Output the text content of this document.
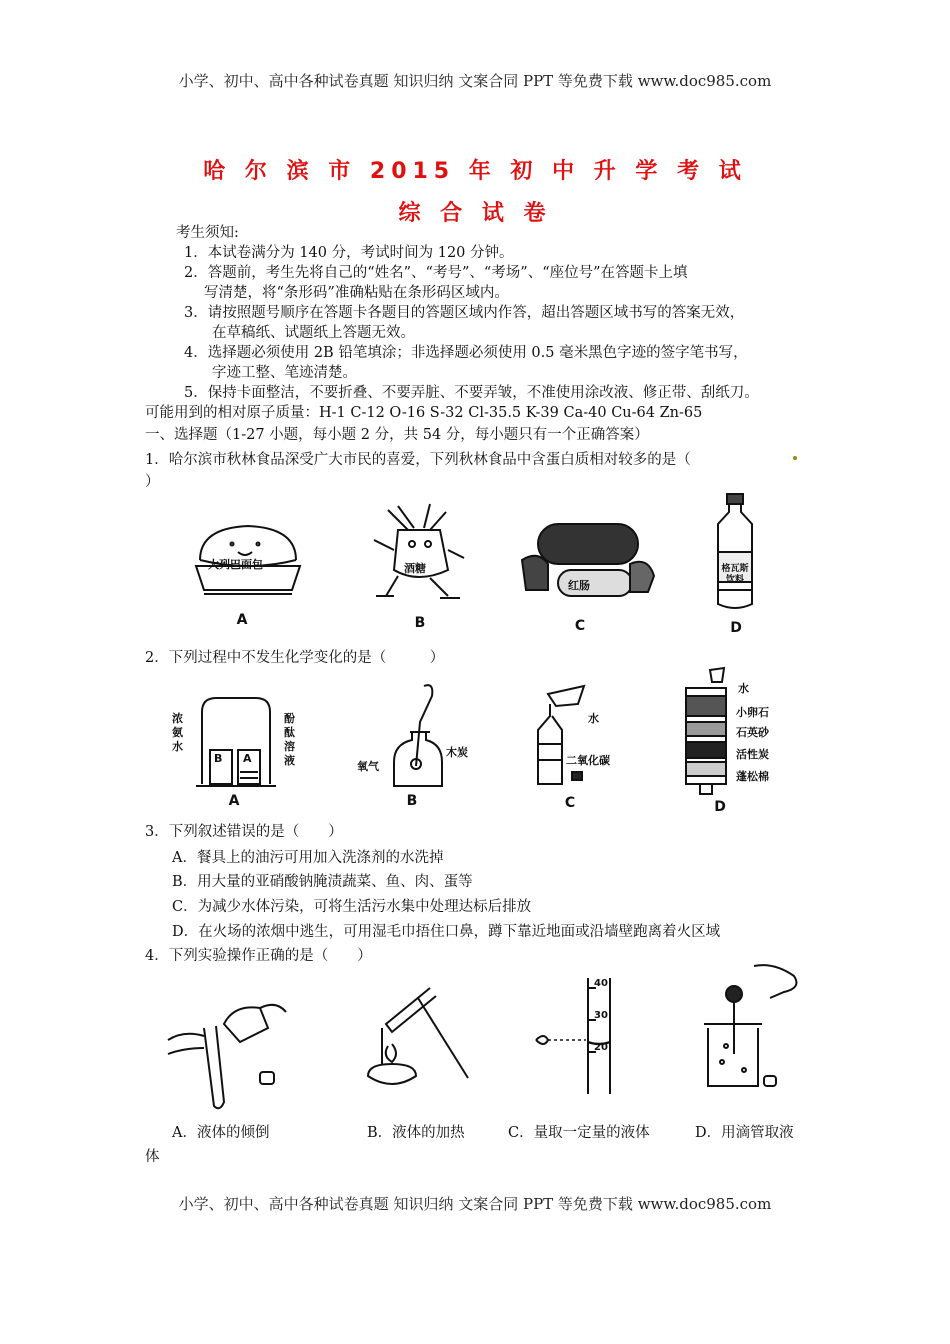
小学、初中、高中各种试卷真题 知识归纳 文案合同 PPT 等免费下载 www.doc985.com
哈 尔 滨 市 2015 年 初 中 升 学 考 试
综 合 试 卷
考生须知:
1．本试卷满分为 140 分，考试时间为 120 分钟。
2．答题前，考生先将自己的“姓名”、“考号”、“考场”、“座位号”在答题卡上填
写清楚，将“条形码”准确粘贴在条形码区域内。
3．请按照题号顺序在答题卡各题目的答题区域内作答，超出答题区域书写的答案无效，
在草稿纸、试题纸上答题无效。
4．选择题必须使用 2B 铅笔填涂；非选择题必须使用 0.5 毫米黑色字迹的签字笔书写，
字迹工整、笔迹清楚。
5．保持卡面整洁，不要折叠、不要弄脏、不要弄皱，不准使用涂改液、修正带、刮纸刀。
可能用到的相对原子质量：H-1 C-12 O-16 S-32 Cl-35.5 K-39 Ca-40 Cu-64 Zn-65
一、选择题（1-27 小题，每小题 2 分，共 54 分，每小题只有一个正确答案）
1．哈尔滨市秋林食品深受广大市民的喜爱，下列秋林食品中含蛋白质相对较多的是（
）
大列巴面包
A
酒糖
B
红肠
C
格瓦斯饮料
D
2．下列过程中不发生化学变化的是（　　　）
浓氨水
酚酞溶液
B A
A
氧气
木炭
B
水
二氧化碳
C
水
小卵石
石英砂
活性炭
蓬松棉
D
3．下列叙述错误的是（　　）
A．餐具上的油污可用加入洗涤剂的水洗掉
B．用大量的亚硝酸钠腌渍蔬菜、鱼、肉、蛋等
C．为减少水体污染，可将生活污水集中处理达标后排放
D．在火场的浓烟中逃生，可用湿毛巾捂住口鼻，蹲下靠近地面或沿墙壁跑离着火区域
4．下列实验操作正确的是（　　）
40
30
20
A．液体的倾倒	B．液体的加热	C．量取一定量的液体	D．用滴管取液
体
小学、初中、高中各种试卷真题 知识归纳 文案合同 PPT 等免费下载 www.doc985.com
